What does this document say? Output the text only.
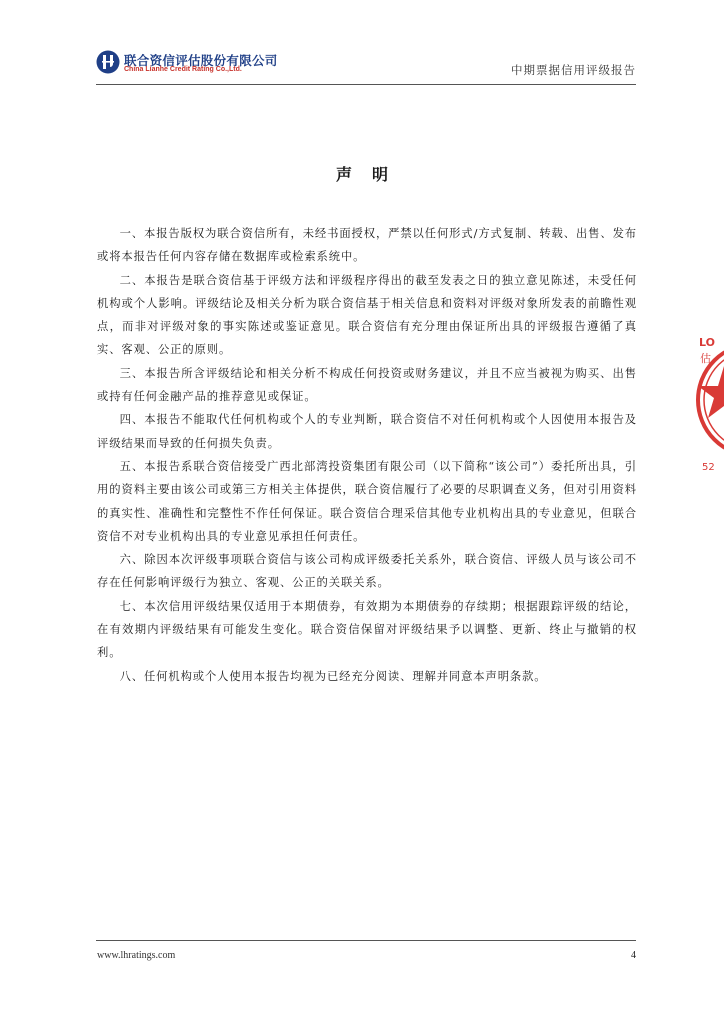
联合资信评估股份有限公司
China Lianhe Credit Rating Co.,Ltd.	中期票据信用评级报告
声明

一、本报告版权为联合资信所有，未经书面授权，严禁以任何形式/方式复制、转载、出售、发布或将本报告任何内容存储在数据库或检索系统中。

二、本报告是联合资信基于评级方法和评级程序得出的截至发表之日的独立意见陈述，未受任何机构或个人影响。评级结论及相关分析为联合资信基于相关信息和资料对评级对象所发表的前瞻性观点，而非对评级对象的事实陈述或鉴证意见。联合资信有充分理由保证所出具的评级报告遵循了真实、客观、公正的原则。

三、本报告所含评级结论和相关分析不构成任何投资或财务建议，并且不应当被视为购买、出售或持有任何金融产品的推荐意见或保证。

四、本报告不能取代任何机构或个人的专业判断，联合资信不对任何机构或个人因使用本报告及评级结果而导致的任何损失负责。

五、本报告系联合资信接受广西北部湾投资集团有限公司（以下简称“该公司”）委托所出具，引用的资料主要由该公司或第三方相关主体提供，联合资信履行了必要的尽职调查义务，但对引用资料的真实性、准确性和完整性不作任何保证。联合资信合理采信其他专业机构出具的专业意见，但联合资信不对专业机构出具的专业意见承担任何责任。

六、除因本次评级事项联合资信与该公司构成评级委托关系外，联合资信、评级人员与该公司不存在任何影响评级行为独立、客观、公正的关联关系。

七、本次信用评级结果仅适用于本期债券，有效期为本期债券的存续期；根据跟踪评级的结论，在有效期内评级结果有可能发生变化。联合资信保留对评级结果予以调整、更新、终止与撤销的权利。

八、任何机构或个人使用本报告均视为已经充分阅读、理解并同意本声明条款。

LO
估
52
www.lhratings.com	4
